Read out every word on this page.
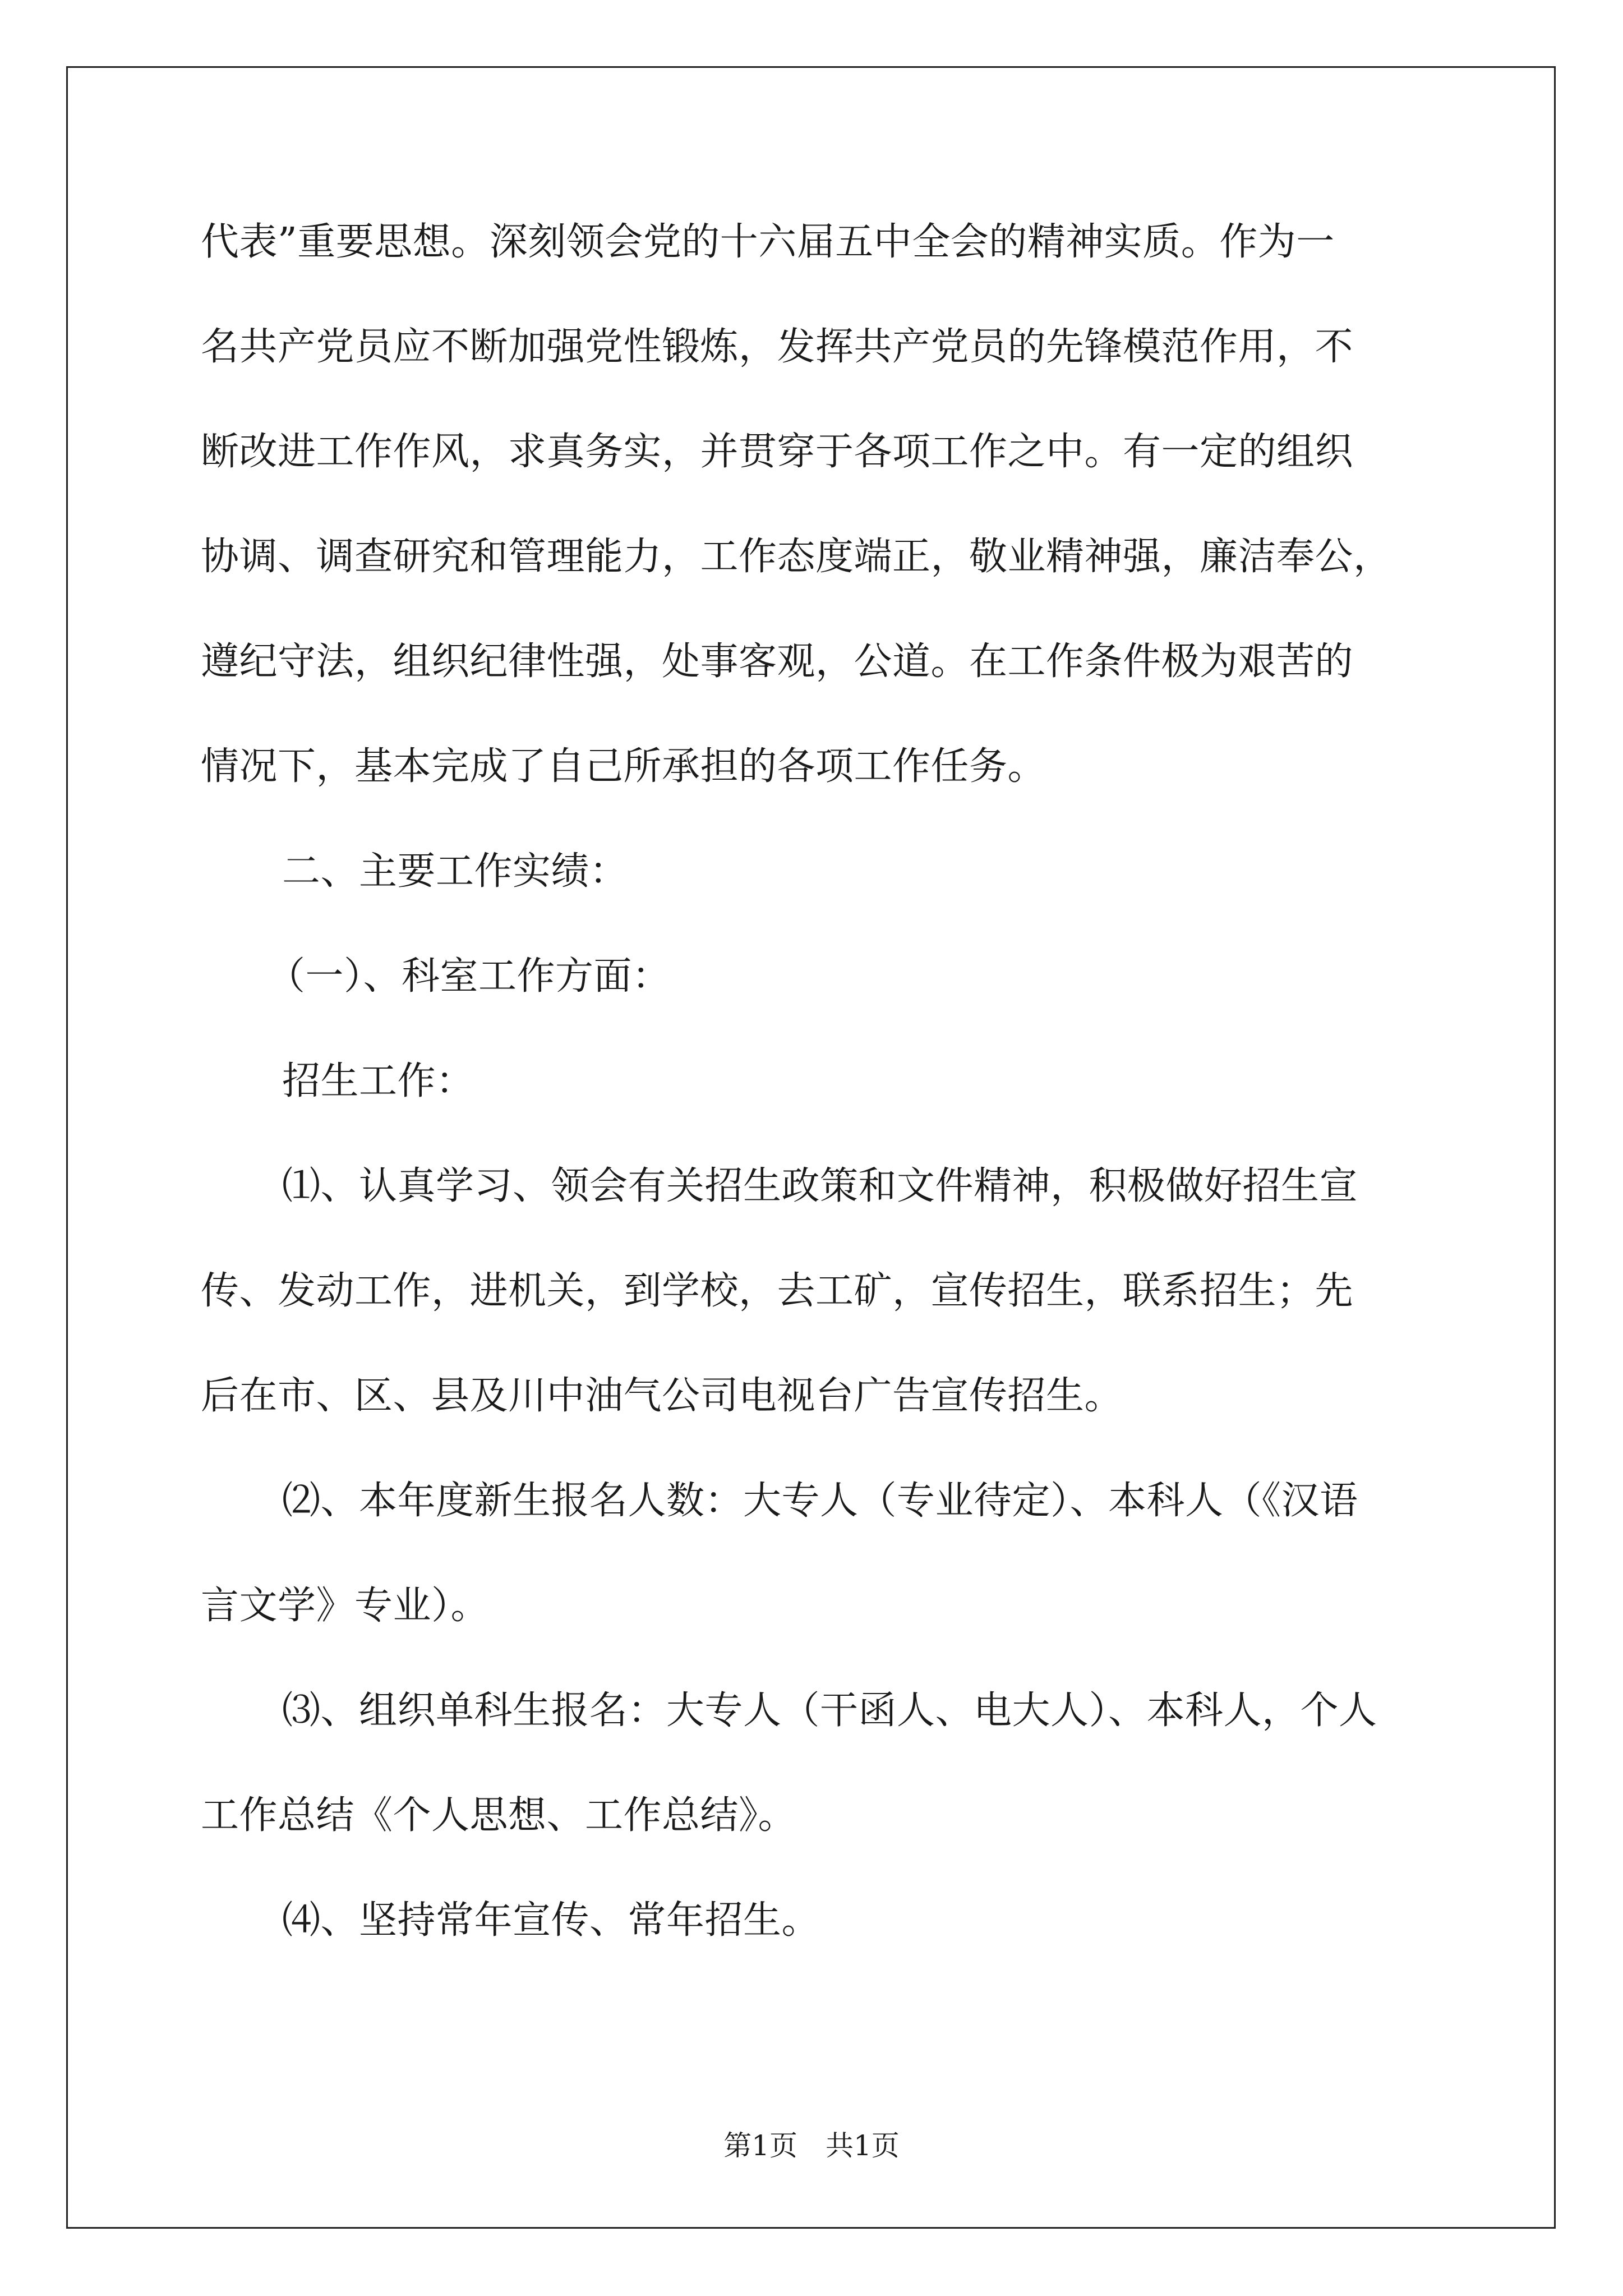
代表”重要思想。深刻领会党的十六届五中全会的精神实质。作为一
名共产党员应不断加强党性锻炼，发挥共产党员的先锋模范作用，不
断改进工作作风，求真务实，并贯穿于各项工作之中。有一定的组织
协调、调查研究和管理能力，工作态度端正，敬业精神强，廉洁奉公，
遵纪守法，组织纪律性强，处事客观，公道。在工作条件极为艰苦的
情况下，基本完成了自己所承担的各项工作任务。
二、主要工作实绩：
（一）、科室工作方面：
招生工作：
⑴、认真学习、领会有关招生政策和文件精神，积极做好招生宣
传、发动工作，进机关，到学校，去工矿，宣传招生，联系招生；先
后在市、区、县及川中油气公司电视台广告宣传招生。
⑵、本年度新生报名人数：大专人（专业待定）、本科人（《汉语
言文学》专业）。
⑶、组织单科生报名：大专人（干函人、电大人）、本科人，个人
工作总结《个人思想、工作总结》。
⑷、坚持常年宣传、常年招生。
第1页　共1页
